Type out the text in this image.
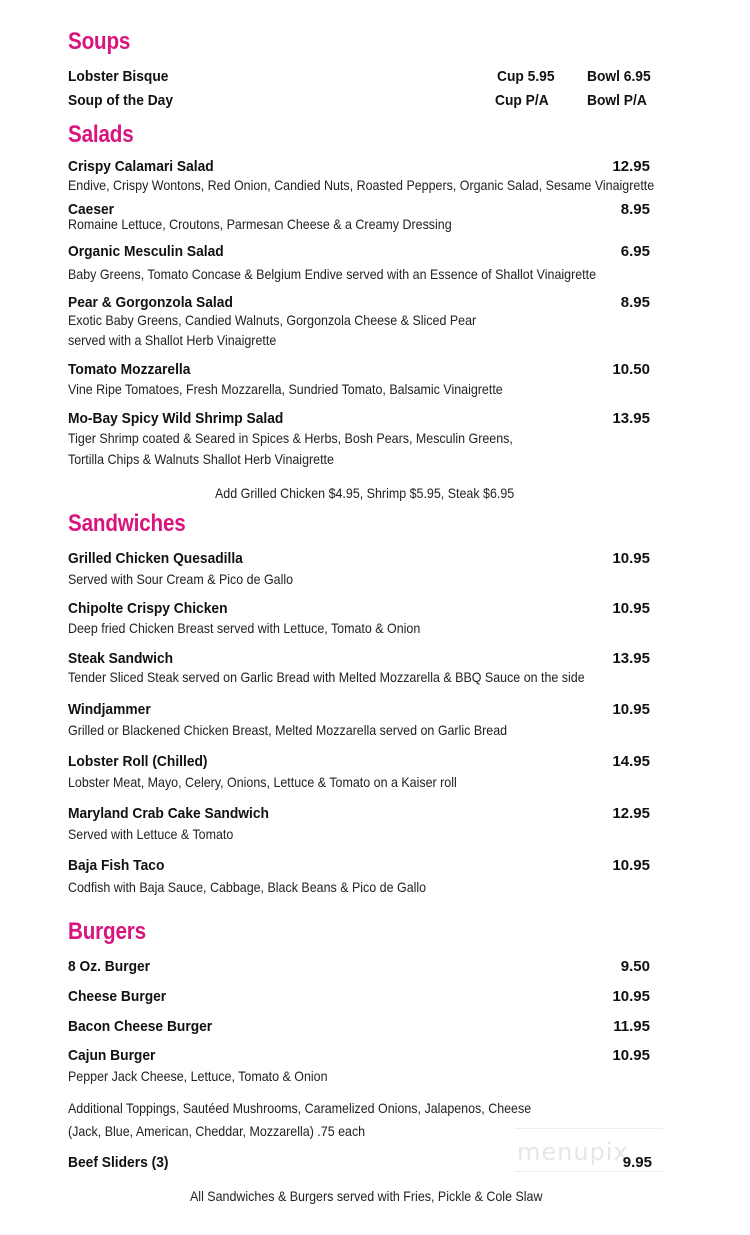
Soups
Lobster Bisque	Cup 5.95 Bowl 6.95
Soup of the Day	Cup P/A	Bowl P/A
Salads
Crispy Calamari Salad	12.95
Endive, Crispy Wontons, Red Onion, Candied Nuts, Roasted Peppers, Organic Salad, Sesame Vinaigrette
Caeser	8.95
Romaine Lettuce, Croutons, Parmesan Cheese & a Creamy Dressing
Organic Mesculin Salad	6.95
Baby Greens, Tomato Concase & Belgium Endive served with an Essence of Shallot Vinaigrette
Pear & Gorgonzola Salad	8.95
Exotic Baby Greens, Candied Walnuts, Gorgonzola Cheese & Sliced Pear
served with a Shallot Herb Vinaigrette
Tomato Mozzarella	10.50
Vine Ripe Tomatoes, Fresh Mozzarella, Sundried Tomato, Balsamic Vinaigrette
Mo-Bay Spicy Wild Shrimp Salad	13.95
Tiger Shrimp coated & Seared in Spices & Herbs, Bosh Pears, Mesculin Greens,
Tortilla Chips & Walnuts Shallot Herb Vinaigrette
Add Grilled Chicken $4.95, Shrimp $5.95, Steak $6.95
Sandwiches
Grilled Chicken Quesadilla	10.95
Served with Sour Cream & Pico de Gallo
Chipolte Crispy Chicken	10.95
Deep fried Chicken Breast served with Lettuce, Tomato & Onion
Steak Sandwich	13.95
Tender Sliced Steak served on Garlic Bread with Melted Mozzarella & BBQ Sauce on the side
Windjammer	10.95
Grilled or Blackened Chicken Breast, Melted Mozzarella served on Garlic Bread
Lobster Roll (Chilled)	14.95
Lobster Meat, Mayo, Celery, Onions, Lettuce & Tomato on a Kaiser roll
Maryland Crab Cake Sandwich	12.95
Served with Lettuce & Tomato
Baja Fish Taco	10.95
Codfish with Baja Sauce, Cabbage, Black Beans & Pico de Gallo
Burgers
8 Oz. Burger	9.50
Cheese Burger	10.95
Bacon Cheese Burger	11.95
Cajun Burger	10.95
Pepper Jack Cheese, Lettuce, Tomato & Onion
Additional Toppings, Sautéed Mushrooms, Caramelized Onions, Jalapenos, Cheese
(Jack, Blue, American, Cheddar, Mozzarella) .75 each
menupix
Beef Sliders (3)	9.95
All Sandwiches & Burgers served with Fries, Pickle & Cole Slaw
